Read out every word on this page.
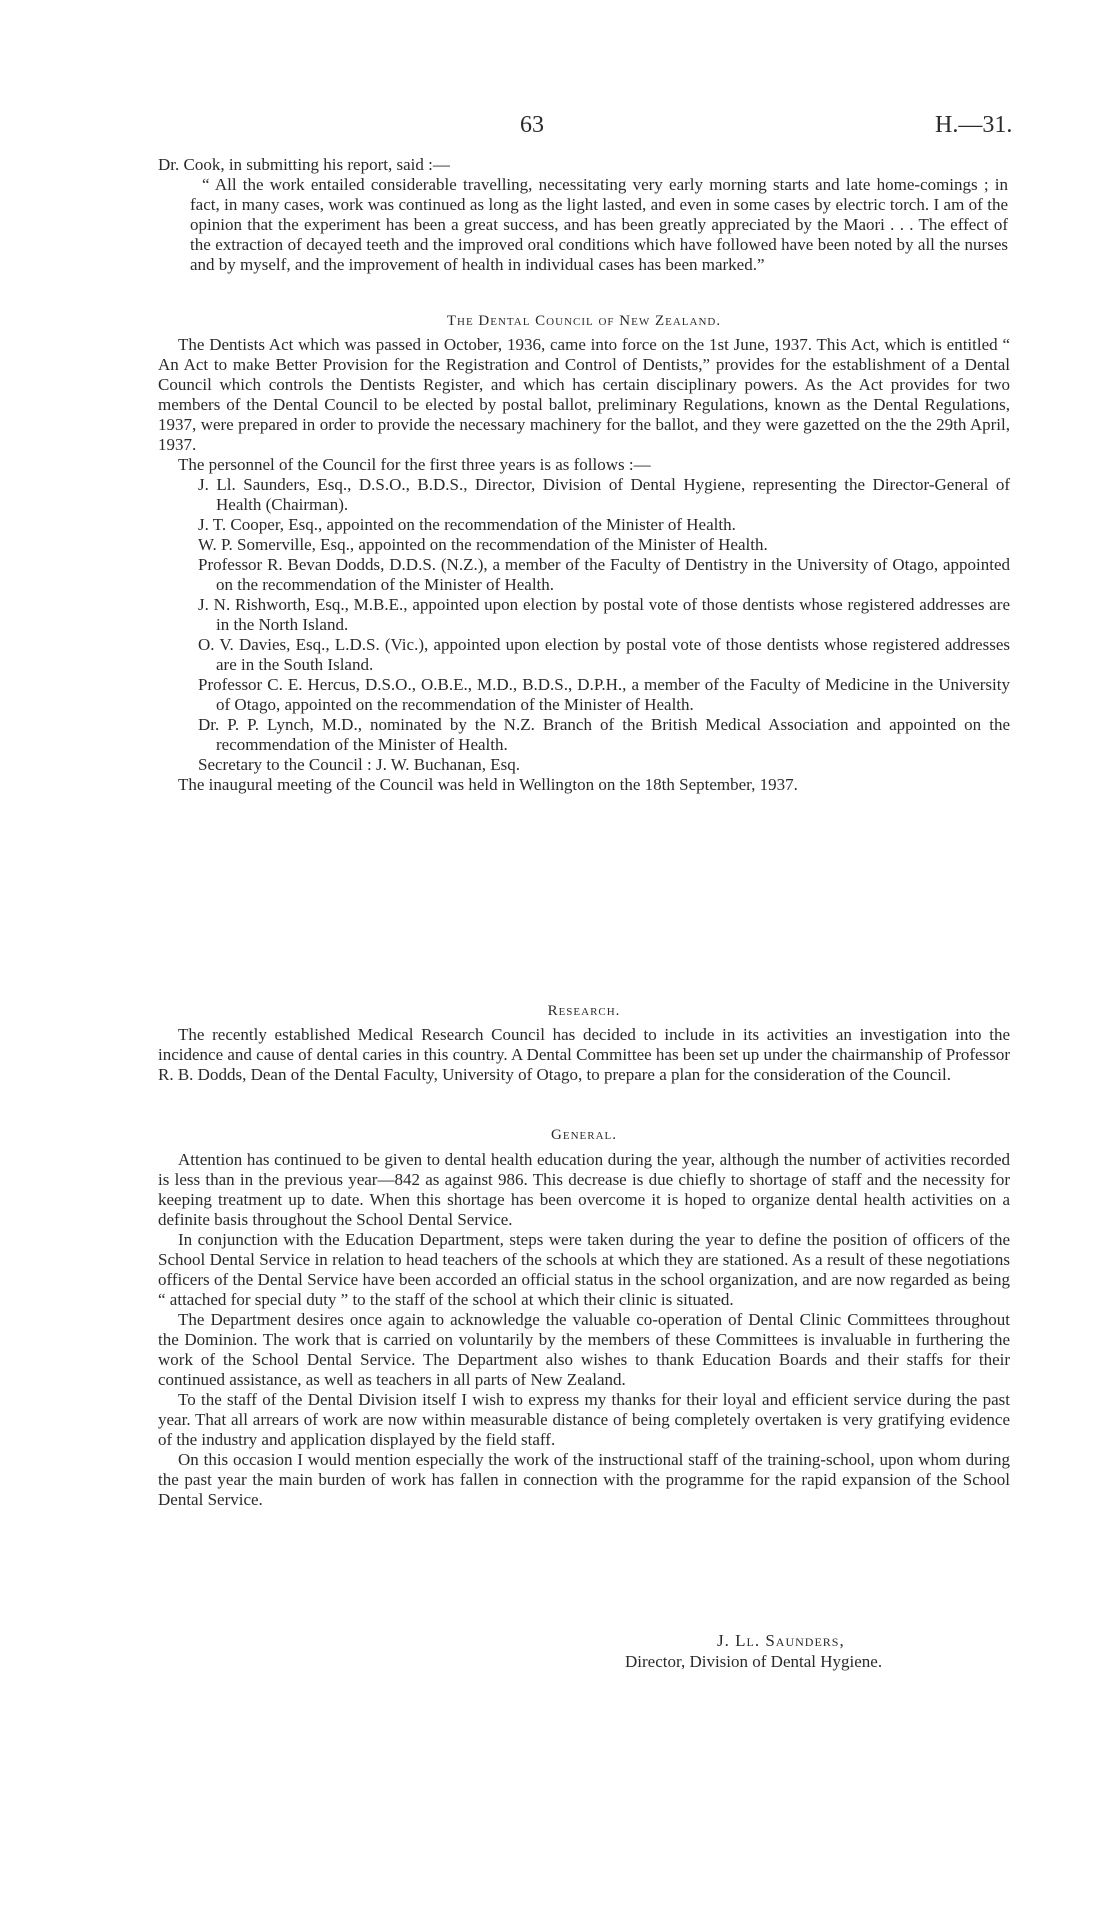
63	H.—31.
Dr. Cook, in submitting his report, said :—
“ All the work entailed considerable travelling, necessitating very early morning starts and late home-comings ; in fact, in many cases, work was continued as long as the light lasted, and even in some cases by electric torch. I am of the opinion that the experiment has been a great success, and has been greatly appreciated by the Maori . . . The effect of the extraction of decayed teeth and the improved oral conditions which have followed have been noted by all the nurses and by myself, and the improvement of health in individual cases has been marked.”
The Dental Council of New Zealand.

The Dentists Act which was passed in October, 1936, came into force on the 1st June, 1937. This Act, which is entitled “ An Act to make Better Provision for the Registration and Control of Dentists,” provides for the establishment of a Dental Council which controls the Dentists Register, and which has certain disciplinary powers. As the Act provides for two members of the Dental Council to be elected by postal ballot, preliminary Regulations, known as the Dental Regulations, 1937, were prepared in order to provide the necessary machinery for the ballot, and they were gazetted on the the 29th April, 1937.

The personnel of the Council for the first three years is as follows :—

J. Ll. Saunders, Esq., D.S.O., B.D.S., Director, Division of Dental Hygiene, representing the Director-General of Health (Chairman).
J. T. Cooper, Esq., appointed on the recommendation of the Minister of Health.
W. P. Somerville, Esq., appointed on the recommendation of the Minister of Health.
Professor R. Bevan Dodds, D.D.S. (N.Z.), a member of the Faculty of Dentistry in the University of Otago, appointed on the recommendation of the Minister of Health.
J. N. Rishworth, Esq., M.B.E., appointed upon election by postal vote of those dentists whose registered addresses are in the North Island.
O. V. Davies, Esq., L.D.S. (Vic.), appointed upon election by postal vote of those dentists whose registered addresses are in the South Island.
Professor C. E. Hercus, D.S.O., O.B.E., M.D., B.D.S., D.P.H., a member of the Faculty of Medicine in the University of Otago, appointed on the recommendation of the Minister of Health.
Dr. P. P. Lynch, M.D., nominated by the N.Z. Branch of the British Medical Association and appointed on the recommendation of the Minister of Health.
Secretary to the Council : J. W. Buchanan, Esq.

The inaugural meeting of the Council was held in Wellington on the 18th September, 1937.

Research.

The recently established Medical Research Council has decided to include in its activities an investigation into the incidence and cause of dental caries in this country. A Dental Committee has been set up under the chairmanship of Professor R. B. Dodds, Dean of the Dental Faculty, University of Otago, to prepare a plan for the consideration of the Council.

General.

Attention has continued to be given to dental health education during the year, although the number of activities recorded is less than in the previous year—842 as against 986. This decrease is due chiefly to shortage of staff and the necessity for keeping treatment up to date. When this shortage has been overcome it is hoped to organize dental health activities on a definite basis throughout the School Dental Service.

In conjunction with the Education Department, steps were taken during the year to define the position of officers of the School Dental Service in relation to head teachers of the schools at which they are stationed. As a result of these negotiations officers of the Dental Service have been accorded an official status in the school organization, and are now regarded as being “ attached for special duty ” to the staff of the school at which their clinic is situated.

The Department desires once again to acknowledge the valuable co-operation of Dental Clinic Committees throughout the Dominion. The work that is carried on voluntarily by the members of these Committees is invaluable in furthering the work of the School Dental Service. The Department also wishes to thank Education Boards and their staffs for their continued assistance, as well as teachers in all parts of New Zealand.

To the staff of the Dental Division itself I wish to express my thanks for their loyal and efficient service during the past year. That all arrears of work are now within measurable distance of being completely overtaken is very gratifying evidence of the industry and application displayed by the field staff.

On this occasion I would mention especially the work of the instructional staff of the training-school, upon whom during the past year the main burden of work has fallen in connection with the programme for the rapid expansion of the School Dental Service.

J. Ll. Saunders,
Director, Division of Dental Hygiene.
